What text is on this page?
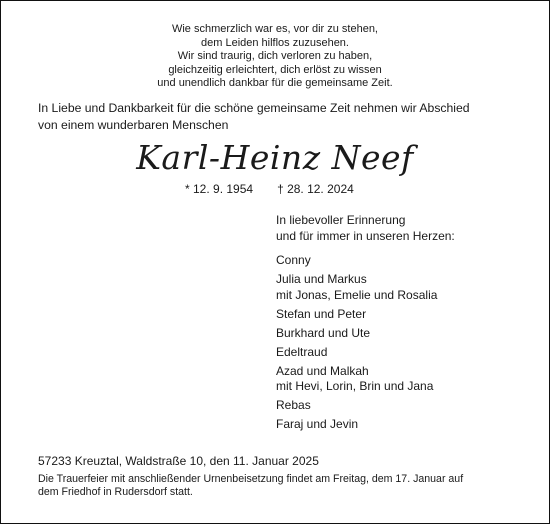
Wie schmerzlich war es, vor dir zu stehen,
dem Leiden hilflos zuzusehen.
Wir sind traurig, dich verloren zu haben,
gleichzeitig erleichtert, dich erlöst zu wissen
und unendlich dankbar für die gemeinsame Zeit.
In Liebe und Dankbarkeit für die schöne gemeinsame Zeit nehmen wir Abschied
von einem wunderbaren Menschen
Karl-Heinz Neef
* 12. 9. 1954 † 28. 12. 2024
In liebevoller Erinnerung
und für immer in unseren Herzen:
Conny
Julia und Markus
mit Jonas, Emelie und Rosalia
Stefan und Peter
Burkhard und Ute
Edeltraud
Azad und Malkah
mit Hevi, Lorin, Brin und Jana
Rebas
Faraj und Jevin
57233 Kreuztal, Waldstraße 10, den 11. Januar 2025
Die Trauerfeier mit anschließender Urnenbeisetzung findet am Freitag, dem 17. Januar auf
dem Friedhof in Rudersdorf statt.
